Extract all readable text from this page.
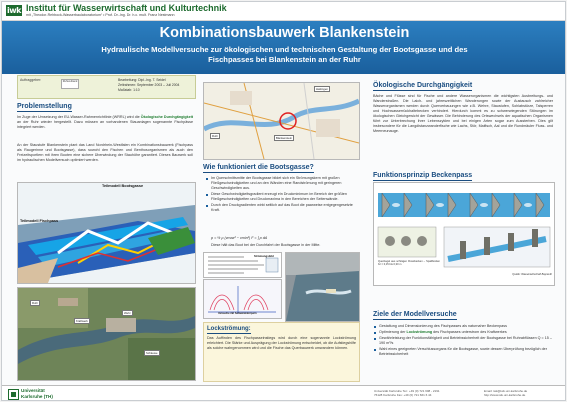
iwk Institut für Wasserwirtschaft und Kulturtechnik
mit „Theodor-Rehbock-Wasserbaulaboratorium“ • Prof. Dr.-Ing. Dr. h.c. mult. Franz Nestmann
Kombinationsbauwerk Blankenstein
Hydraulische Modellversuche zur ökologischen und technischen Gestaltung der Bootsgasse und des Fischpasses bei Blankenstein an der Ruhr
Auftraggeber:	Ruhrverband	Bearbeitung: Dipl.-Ing. T. Seidel
Zeitrahmen: September 2003 – Juli 2004
Maßstab: 1:10
Problemstellung
Im Zuge der Umsetzung der EU-Wasser-Rahmenrichtlinie (WRRL) wird die Ökologische Durchgängigkeit an der Ruhr wieder hergestellt. Dazu müssen an vorhandenen Stauanlagen sogenannte Fischpässe integriert werden.
An der Staustufe Blankenstein plant das Land Nordrhein-Westfalen ein Kombinationsbauwerk (Fischpass als Raugerinne und Bootsgasse), dass sowohl den Fischen und Benthosorganismen als auch den Freizeitsportlern mit ihren Booten eine sichere Überwindung der Stauhöhe garantiert. Dieses Bauwerk soll im hydraulischen Modellversuch optimiert werden.
Teilmodell Bootsgasse
Teilmodell Fischpass
Ruhr
Kraftwerk
Wehr
Schleuse
Hattingen
Blankenstein
Ruhr
Wie funktioniert die Bootsgasse?
Im Querschnittsmitte der Bootsgasse bildet sich ein Strömungskern mit großen Fließgeschwindigkeiten und an den Wänden eine Randströmung mit geringeren Geschwindigkeiten aus.
Diese Geschwindigkeitsgradient erzeugt ein Druckminimum im Bereich der größten Fließgeschwindigkeiten und Druckmaxima in den Bereichen der Seitenwände.
Durch den Druckgradienten wirkt seitlich auf das Boot die paarweise entgegengesetzte Kraft.
p = ½ ρ (vmax² − vmin²) F = ∫ p dA
Diese hält das Boot bei der Durchfahrt der Bootsgasse in der Mitte.
Strömungsbild
Versuche mit Schwimmkörpern
Lockströmung:
Das Auffinden des Fischpasseinstiegs wird durch eine sogenannte Lockströmung erleichtert. Die Stärke und Ausprägung der Lockströmung entscheidet, ob die Aufstiegshilfe als solche wahrgenommen wird und die Fische das Querbauwerk umwandern können.
Ökologische Durchgängigkeit
Bäche und Flüsse sind für Fische und andere Wasserorganismen die wichtigsten Ausbreitungs- und Wanderstraßen. Die Laich- und jahreszeitlichen Wanderungen sowie der Austausch zahlreicher Wasserorganismen werden durch Querverbauungen wie z.B. Wehre, Staustufen, Sohlabstürze, Talsperren und Hochwasserrückhaltebecken verhindert. Hierdurch kommt es zu schwerwiegenden Störungen im ökologischen Gleichgewicht der Gewässer. Die Behinderung des Ortswechsels der aquatischen Organismen führt zur Unterbrechung ihrer Lebenszyklen und bei einigen Arten sogar zum Aussterben. Dies gilt insbesondere für die Langdistanzwanderfische wie Lachs, Stör, Maifisch, Aal und die Rundmäuler Fluss- und Meerneunauge.
Funktionsprinzip Beckenpass
Querriegel aus schrägen Flussbecken – Spaltbreiten bz = 0,15 bis 0,30 m
Quelle: Wasserwirtschaft Bayreuth
Ziele der Modellversuche
Gestaltung und Dimensionierung des Fischpasses als naturnaher Beckenpass
Optimierung der Lockströmung des Fischpasses unterstrom des Kraftwerkes
Gewährleistung der Funktionsfähigkeit und Betriebssicherheit der Bootsgasse bei Ruhrabflüssen Q = 15 – 190 m³/s
Wahl eines geeigneten Verschlussorgans für die Bootsgasse, sowie dessen Überprüfung bezüglich der Betriebssicherheit
Universität Karlsruhe (TH)
Universität Karlsruhe Tel.: +49 (0) 721 608 - 2191
76128 Karlsruhe Fax: +49 (0) 721 661 6 44
Email: iwk@iwk.uni-karlsruhe.de
http://www.iwk.uni-karlsruhe.de
